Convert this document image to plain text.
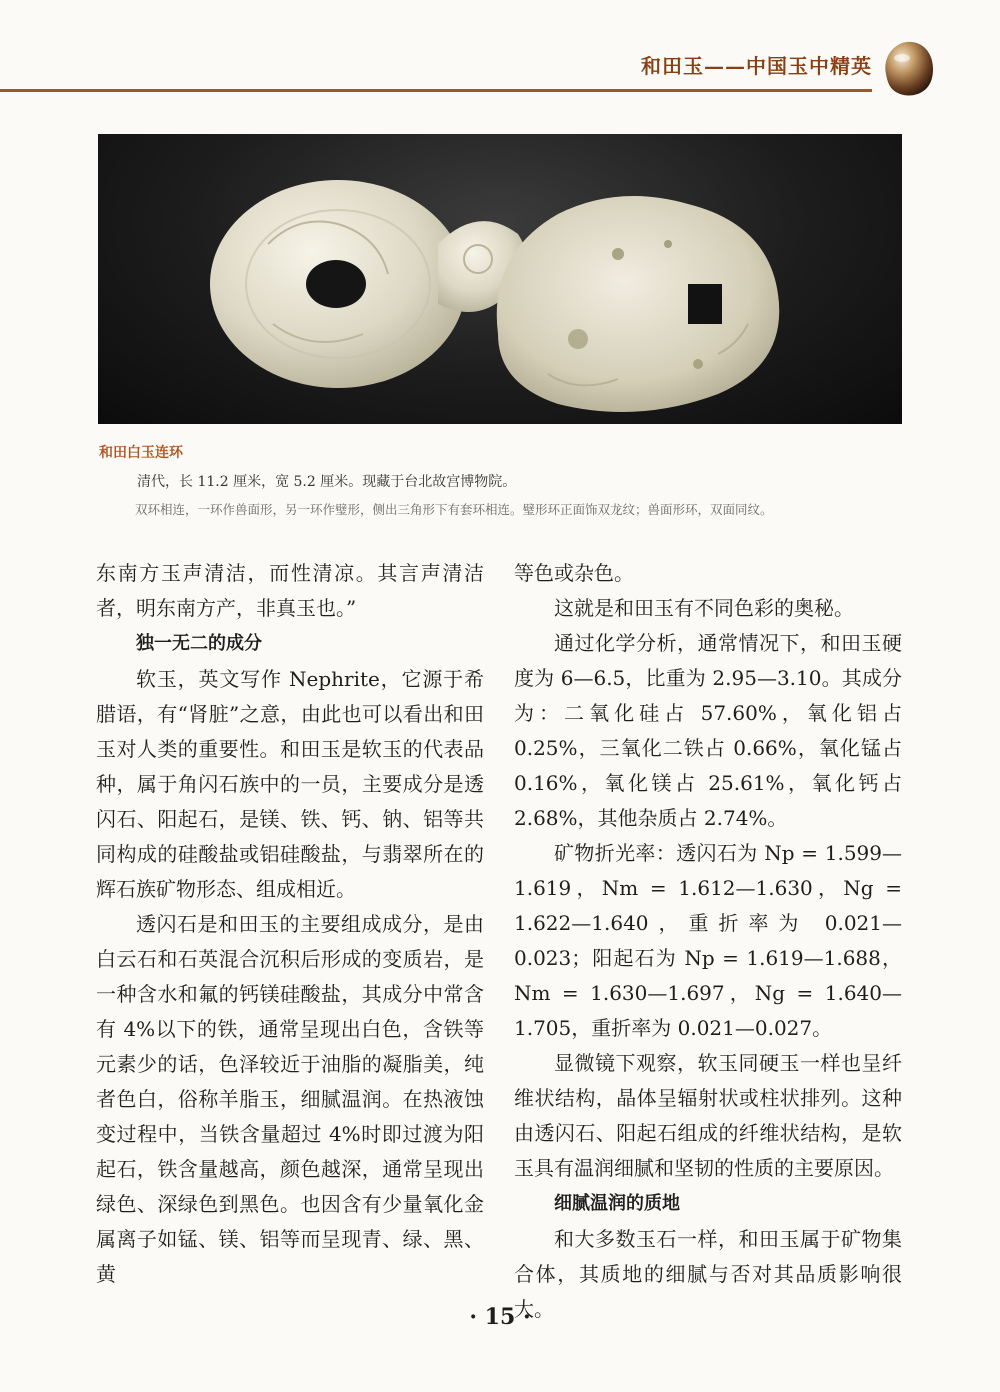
和田玉——中国玉中精英
和田白玉连环
清代，长 11.2 厘米，宽 5.2 厘米。现藏于台北故宫博物院。
双环相连，一环作兽面形，另一环作璧形，侧出三角形下有套环相连。璧形环正面饰双龙纹；兽面形环，双面同纹。

东南方玉声清洁，而性清凉。其言声清洁者，明东南方产，非真玉也。”

独一无二的成分

软玉，英文写作 Nephrite，它源于希腊语，有“肾脏”之意，由此也可以看出和田玉对人类的重要性。和田玉是软玉的代表品种，属于角闪石族中的一员，主要成分是透闪石、阳起石，是镁、铁、钙、钠、铝等共同构成的硅酸盐或铝硅酸盐，与翡翠所在的辉石族矿物形态、组成相近。

透闪石是和田玉的主要组成成分，是由白云石和石英混合沉积后形成的变质岩，是一种含水和氟的钙镁硅酸盐，其成分中常含有 4%以下的铁，通常呈现出白色，含铁等元素少的话，色泽较近于油脂的凝脂美，纯者色白，俗称羊脂玉，细腻温润。在热液蚀变过程中，当铁含量超过 4%时即过渡为阳起石，铁含量越高，颜色越深，通常呈现出绿色、深绿色到黑色。也因含有少量氧化金属离子如锰、镁、铝等而呈现青、绿、黑、黄

等色或杂色。

这就是和田玉有不同色彩的奥秘。

通过化学分析，通常情况下，和田玉硬度为 6—6.5，比重为 2.95—3.10。其成分为：二氧化硅占 57.60%，氧化铝占 0.25%，三氧化二铁占 0.66%，氧化锰占 0.16%，氧化镁占 25.61%，氧化钙占 2.68%，其他杂质占 2.74%。

矿物折光率：透闪石为 Np = 1.599—1.619，Nm = 1.612—1.630，Ng = 1.622—1.640，重折率为 0.021—0.023；阳起石为 Np = 1.619—1.688，Nm = 1.630—1.697，Ng = 1.640—1.705，重折率为 0.021—0.027。

显微镜下观察，软玉同硬玉一样也呈纤维状结构，晶体呈辐射状或柱状排列。这种由透闪石、阳起石组成的纤维状结构，是软玉具有温润细腻和坚韧的性质的主要原因。

细腻温润的质地

和大多数玉石一样，和田玉属于矿物集合体，其质地的细腻与否对其品质影响很大。

· 15 ·
